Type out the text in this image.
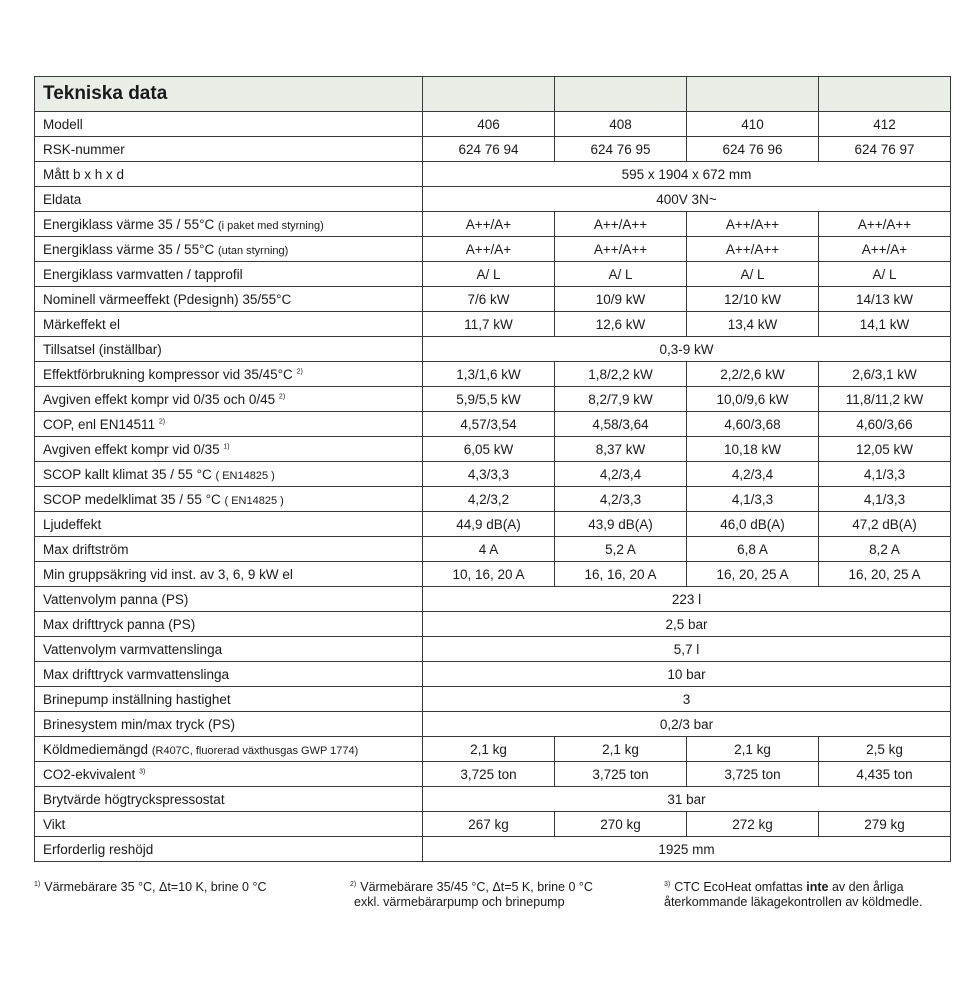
Tekniska data				
Modell	406	408	410	412
RSK-nummer	624 76 94	624 76 95	624 76 96	624 76 97
Mått b x h x d	595 x 1904 x 672 mm			
Eldata	400V 3N~			
Energiklass värme 35 / 55°C (i paket med styrning)	A++/A+	A++/A++	A++/A++	A++/A++
Energiklass värme 35 / 55°C (utan styrning)	A++/A+	A++/A++	A++/A++	A++/A+
Energiklass varmvatten / tapprofil	A/ L	A/ L	A/ L	A/ L
Nominell värmeeffekt (Pdesignh) 35/55°C	7/6 kW	10/9 kW	12/10 kW	14/13 kW
Märkeffekt el	11,7 kW	12,6 kW	13,4 kW	14,1 kW
Tillsatsel (inställbar)	0,3-9 kW			
Effektförbrukning kompressor vid 35/45°C $^{2)}$	1,3/1,6 kW	1,8/2,2 kW	2,2/2,6 kW	2,6/3,1 kW
Avgiven effekt kompr vid 0/35 och 0/45 $^{2)}$	5,9/5,5 kW	8,2/7,9 kW	10,0/9,6 kW	11,8/11,2 kW
COP, enl EN14511 $^{2)}$	4,57/3,54	4,58/3,64	4,60/3,68	4,60/3,66
Avgiven effekt kompr vid 0/35 $^{1)}$	6,05 kW	8,37 kW	10,18 kW	12,05 kW
SCOP kallt klimat 35 / 55 °C ( EN14825 )	4,3/3,3	4,2/3,4	4,2/3,4	4,1/3,3
SCOP medelklimat 35 / 55 °C ( EN14825 )	4,2/3,2	4,2/3,3	4,1/3,3	4,1/3,3
Ljudeffekt	44,9 dB(A)	43,9 dB(A)	46,0 dB(A)	47,2 dB(A)
Max driftström	4 A	5,2 A	6,8 A	8,2 A
Min gruppsäkring vid inst. av 3, 6, 9 kW el	10, 16, 20 A	16, 16, 20 A	16, 20, 25 A	16, 20, 25 A
Vattenvolym panna (PS)	223 l			
Max drifttryck panna (PS)	2,5 bar			
Vattenvolym varmvattenslinga	5,7 l			
Max drifttryck varmvattenslinga	10 bar			
Brinepump inställning hastighet	3			
Brinesystem min/max tryck (PS)	0,2/3 bar			
Köldmediemängd (R407C, fluorerad växthusgas GWP 1774)	2,1 kg	2,1 kg	2,1 kg	2,5 kg
CO2-ekvivalent $^{3)}$	3,725 ton	3,725 ton	3,725 ton	4,435 ton
Brytvärde högtryckspressostat	31 bar			
Vikt	267 kg	270 kg	272 kg	279 kg
Erforderlig reshöjd	1925 mm			
$^{1)}$ Värmebärare 35 °C, Δt=10 K, brine 0 °C	$^{2)}$ Värmebärare 35/45 °C, Δt=5 K, brine 0 °C
exkl. värmebärarpump och brinepump
$^{3)}$ CTC EcoHeat omfattas inte av den årliga
återkommande läkagekontrollen av köldmedle.
